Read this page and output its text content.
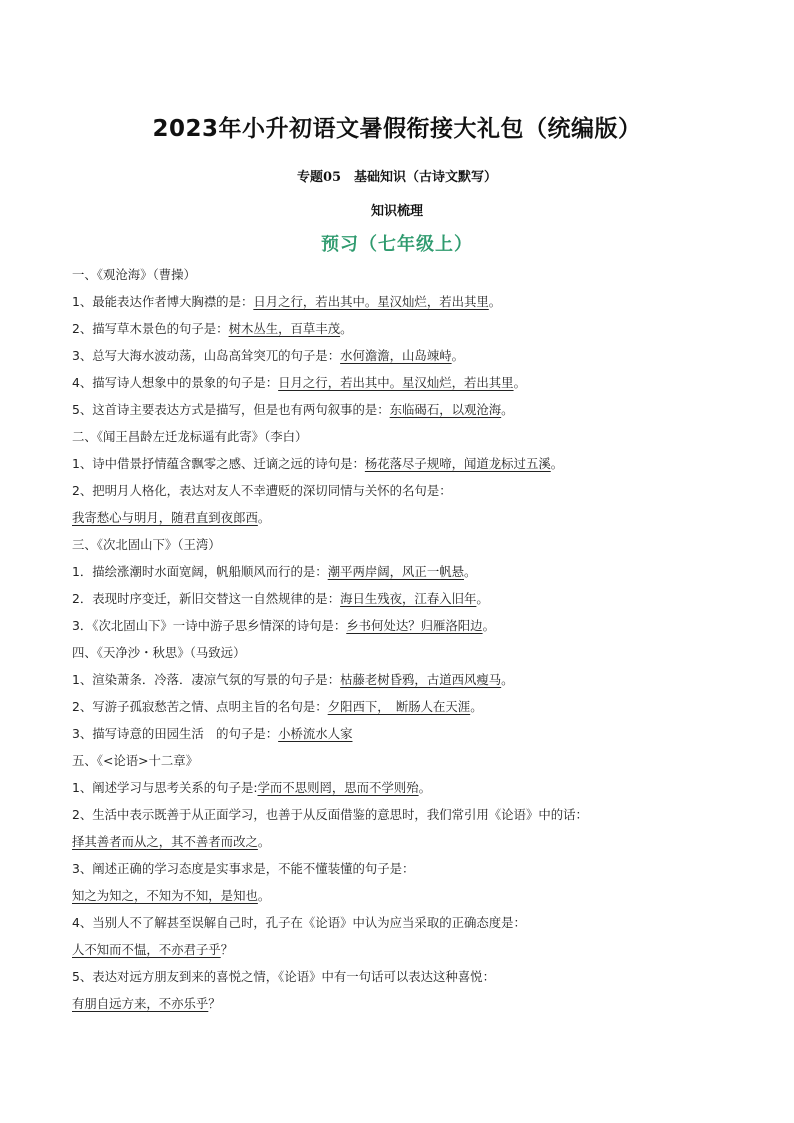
2023年小升初语文暑假衔接大礼包（统编版）
专题05　基础知识（古诗文默写）
知识梳理
预习（七年级上）
一、《观沧海》（曹操）
1、最能表达作者博大胸襟的是：日月之行，若出其中。星汉灿烂，若出其里。
2、描写草木景色的句子是：树木丛生，百草丰茂。
3、总写大海水波动荡，山岛高耸突兀的句子是：水何澹澹，山岛竦峙。
4、描写诗人想象中的景象的句子是：日月之行，若出其中。星汉灿烂，若出其里。
5、这首诗主要表达方式是描写，但是也有两句叙事的是：东临碣石，以观沧海。
二、《闻王昌龄左迁龙标遥有此寄》（李白）
1、诗中借景抒情蕴含飘零之感、迁谪之远的诗句是：杨花落尽子规啼，闻道龙标过五溪。
2、把明月人格化，表达对友人不幸遭贬的深切同情与关怀的名句是：
我寄愁心与明月，随君直到夜郎西。
三、《次北固山下》（王湾）
1．描绘涨潮时水面宽阔，帆船顺风而行的是：潮平两岸阔，风正一帆悬。
2．表现时序变迁，新旧交替这一自然规律的是：海日生残夜，江春入旧年。
3．《次北固山下》一诗中游子思乡情深的诗句是：乡书何处达？归雁洛阳边。
四、《天净沙・秋思》（马致远）
1、渲染萧条．冷落．凄凉气氛的写景的句子是：枯藤老树昏鸦，古道西风瘦马。
2、写游子孤寂愁苦之情、点明主旨的名句是：夕阳西下，　断肠人在天涯。
3、描写诗意的田园生活　的句子是：小桥流水人家
五、《<论语>十二章》
1、阐述学习与思考关系的句子是:学而不思则罔，思而不学则殆。
2、生活中表示既善于从正面学习，也善于从反面借鉴的意思时，我们常引用《论语》中的话：
择其善者而从之，其不善者而改之。
3、阐述正确的学习态度是实事求是，不能不懂装懂的句子是：
知之为知之，不知为不知，是知也。
4、当别人不了解甚至误解自己时，孔子在《论语》中认为应当采取的正确态度是：
人不知而不愠，不亦君子乎？
5、表达对远方朋友到来的喜悦之情，《论语》中有一句话可以表达这种喜悦：
有朋自远方来，不亦乐乎？
